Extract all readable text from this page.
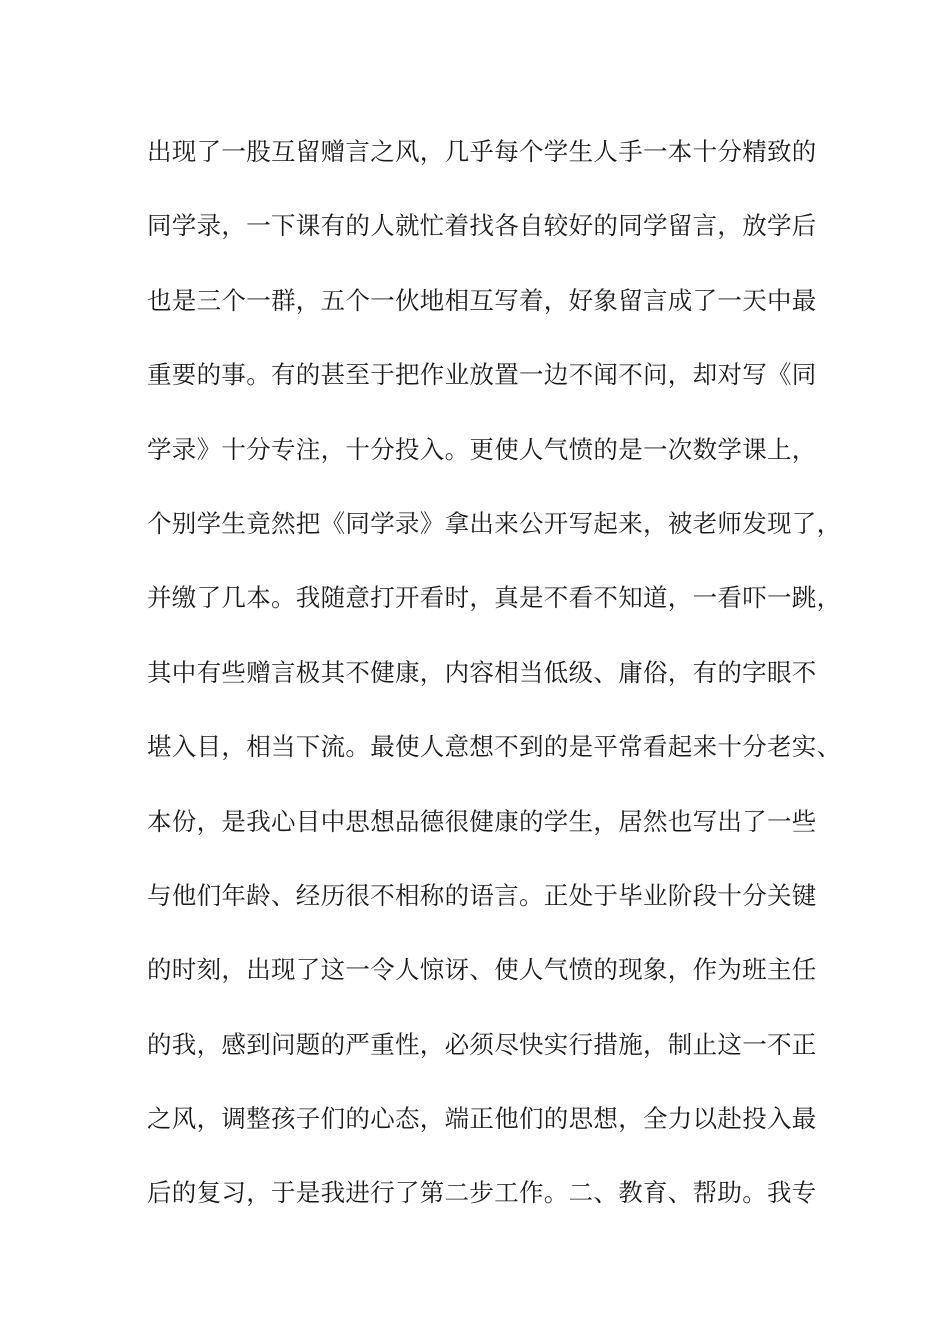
出现了一股互留赠言之风，几乎每个学生人手一本十分精致的
同学录，一下课有的人就忙着找各自较好的同学留言，放学后
也是三个一群，五个一伙地相互写着，好象留言成了一天中最
重要的事。有的甚至于把作业放置一边不闻不问，却对写《同
学录》十分专注，十分投入。更使人气愤的是一次数学课上，
个别学生竟然把《同学录》拿出来公开写起来，被老师发现了，
并缴了几本。我随意打开看时，真是不看不知道，一看吓一跳，
其中有些赠言极其不健康，内容相当低级、庸俗，有的字眼不
堪入目，相当下流。最使人意想不到的是平常看起来十分老实、
本份，是我心目中思想品德很健康的学生，居然也写出了一些
与他们年龄、经历很不相称的语言。正处于毕业阶段十分关键
的时刻，出现了这一令人惊讶、使人气愤的现象，作为班主任
的我，感到问题的严重性，必须尽快实行措施，制止这一不正
之风，调整孩子们的心态，端正他们的思想，全力以赴投入最
后的复习，于是我进行了第二步工作。二、教育、帮助。我专
